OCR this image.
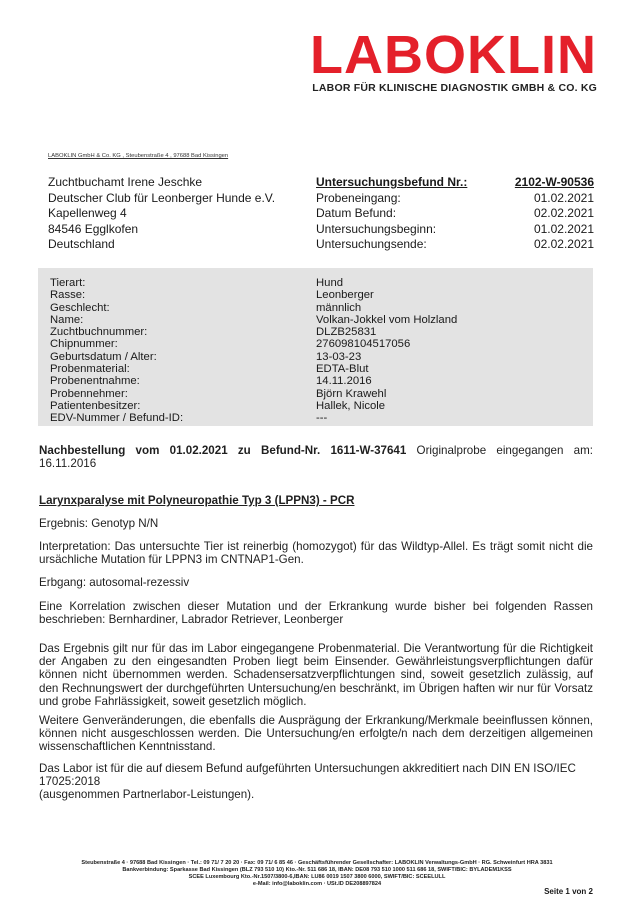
LABOKLIN
LABOR FÜR KLINISCHE DIAGNOSTIK GMBH & CO. KG
LABOKLIN GmbH & Co. KG , Steubenstraße 4 , 97688 Bad Kissingen
Zuchtbuchamt Irene Jeschke
Deutscher Club für Leonberger Hunde e.V.
Kapellenweg 4
84546 Egglkofen
Deutschland
Untersuchungsbefund Nr.:	2102-W-90536
Probeneingang:	01.02.2021
Datum Befund:	02.02.2021
Untersuchungsbeginn:	01.02.2021
Untersuchungsende:	02.02.2021
Tierart:	Hund
Rasse:	Leonberger
Geschlecht:	männlich
Name:	Volkan-Jokkel vom Holzland
Zuchtbuchnummer:	DLZB25831
Chipnummer:	276098104517056
Geburtsdatum / Alter:	13-03-23
Probenmaterial:	EDTA-Blut
Probenentnahme:	14.11.2016
Probennehmer:	Björn Krawehl
Patientenbesitzer:	Hallek, Nicole
EDV-Nummer / Befund-ID:	---
Nachbestellung vom 01.02.2021 zu Befund-Nr. 1611-W-37641 Originalprobe eingegangen am: 16.11.2016
Larynxparalyse mit Polyneuropathie Typ 3 (LPPN3) - PCR
Ergebnis: Genotyp N/N
Interpretation: Das untersuchte Tier ist reinerbig (homozygot) für das Wildtyp-Allel. Es trägt somit nicht die ursächliche Mutation für LPPN3 im CNTNAP1-Gen.
Erbgang: autosomal-rezessiv
Eine Korrelation zwischen dieser Mutation und der Erkrankung wurde bisher bei folgenden Rassen beschrieben: Bernhardiner, Labrador Retriever, Leonberger
Das Ergebnis gilt nur für das im Labor eingegangene Probenmaterial. Die Verantwortung für die Richtigkeit der Angaben zu den eingesandten Proben liegt beim Einsender. Gewährleistungsverpflichtungen dafür können nicht übernommen werden. Schadensersatzverpflichtungen sind, soweit gesetzlich zulässig, auf den Rechnungswert der durchgeführten Untersuchung/en beschränkt, im Übrigen haften wir nur für Vorsatz und grobe Fahrlässigkeit, soweit gesetzlich möglich.
Weitere Genveränderungen, die ebenfalls die Ausprägung der Erkrankung/Merkmale beeinflussen können, können nicht ausgeschlossen werden. Die Untersuchung/en erfolgte/n nach dem derzeitigen allgemeinen wissenschaftlichen Kenntnisstand.
Das Labor ist für die auf diesem Befund aufgeführten Untersuchungen akkreditiert nach DIN EN ISO/IEC 17025:2018
(ausgenommen Partnerlabor-Leistungen).
Steubenstraße 4 · 97688 Bad Kissingen · Tel.: 09 71/ 7 20 20 · Fax: 09 71/ 6 85 46 · Geschäftsführender Gesellschafter: LABOKLIN Verwaltungs-GmbH · RG. Schweinfurt HRA 3831
Bankverbindung: Sparkasse Bad Kissingen (BLZ 793 510 10) Kto.-Nr. 511 686 18, IBAN: DE08 793 510 1000 511 686 18, SWIFT/BIC: BYLADEM1KSS
SCEE Luxembourg Kto.-Nr.1507/3800-6,IBAN: LU86 0019 1507 3800 6000, SWIFT/BIC: SCEELULL
e-Mail: info@laboklin.com · USt.ID DE208897824
Seite 1 von 2
